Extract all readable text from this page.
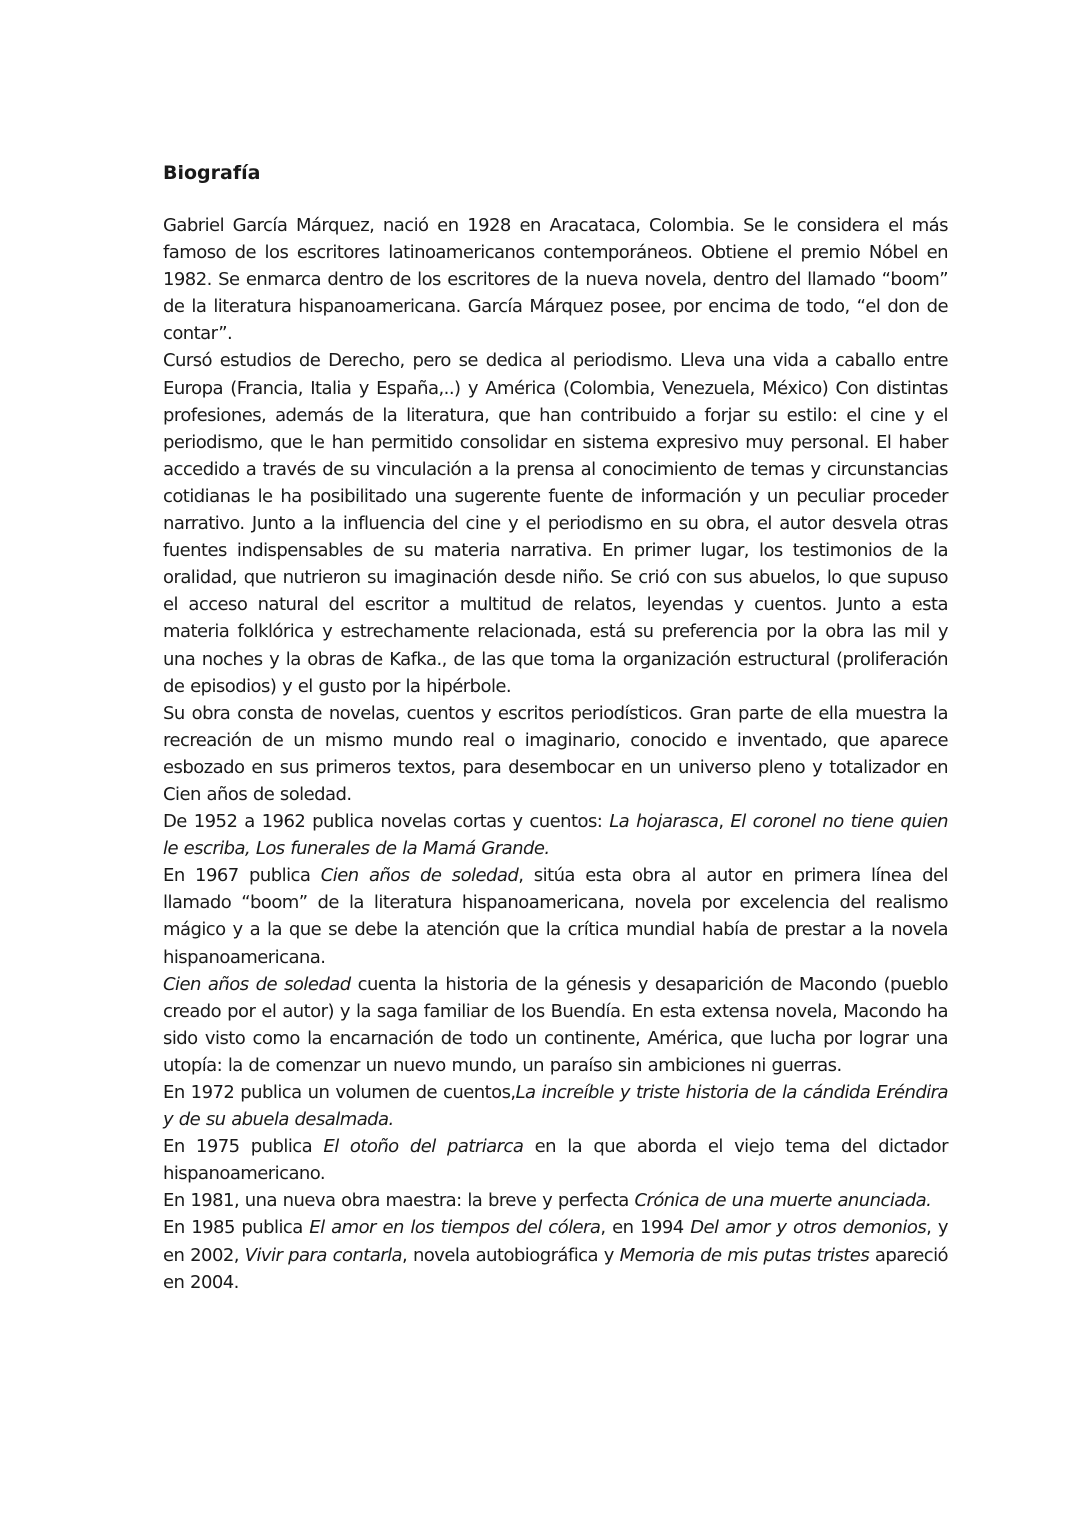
Biografía

Gabriel García Márquez, nació en 1928 en Aracataca, Colombia. Se le considera el más famoso de los escritores latinoamericanos contemporáneos. Obtiene el premio Nóbel en 1982. Se enmarca dentro de los escritores de la nueva novela, dentro del llamado “boom” de la literatura hispanoamericana. García Márquez posee, por encima de todo, “el don de contar”.

Cursó estudios de Derecho, pero se dedica al periodismo. Lleva una vida a caballo entre Europa (Francia, Italia y España,..) y América (Colombia, Venezuela, México) Con distintas profesiones, además de la literatura, que han contribuido a forjar su estilo: el cine y el periodismo, que le han permitido consolidar en sistema expresivo muy personal. El haber accedido a través de su vinculación a la prensa al conocimiento de temas y circunstancias cotidianas le ha posibilitado una sugerente fuente de información y un peculiar proceder narrativo. Junto a la influencia del cine y el periodismo en su obra, el autor desvela otras fuentes indispensables de su materia narrativa. En primer lugar, los testimonios de la oralidad, que nutrieron su imaginación desde niño. Se crió con sus abuelos, lo que supuso el acceso natural del escritor a multitud de relatos, leyendas y cuentos. Junto a esta materia folklórica y estrechamente relacionada, está su preferencia por la obra las mil y una noches y la obras de Kafka., de las que toma la organización estructural (proliferación de episodios) y el gusto por la hipérbole.

Su obra consta de novelas, cuentos y escritos periodísticos. Gran parte de ella muestra la recreación de un mismo mundo real o imaginario, conocido e inventado, que aparece esbozado en sus primeros textos, para desembocar en un universo pleno y totalizador en Cien años de soledad.

De 1952 a 1962 publica novelas cortas y cuentos: La hojarasca, El coronel no tiene quien le escriba, Los funerales de la Mamá Grande.

En 1967 publica Cien años de soledad, sitúa esta obra al autor en primera línea del llamado “boom” de la literatura hispanoamericana, novela por excelencia del realismo mágico y a la que se debe la atención que la crítica mundial había de prestar a la novela hispanoamericana.

Cien años de soledad cuenta la historia de la génesis y desaparición de Macondo (pueblo creado por el autor) y la saga familiar de los Buendía. En esta extensa novela, Macondo ha sido visto como la encarnación de todo un continente, América, que lucha por lograr una utopía: la de comenzar un nuevo mundo, un paraíso sin ambiciones ni guerras.

En 1972 publica un volumen de cuentos,La increíble y triste historia de la cándida Eréndira y de su abuela desalmada.

En 1975 publica El otoño del patriarca en la que aborda el viejo tema del dictador hispanoamericano.

En 1981, una nueva obra maestra: la breve y perfecta Crónica de una muerte anunciada.

En 1985 publica El amor en los tiempos del cólera, en 1994 Del amor y otros demonios, y en 2002, Vivir para contarla, novela autobiográfica y Memoria de mis putas tristes apareció en 2004.
